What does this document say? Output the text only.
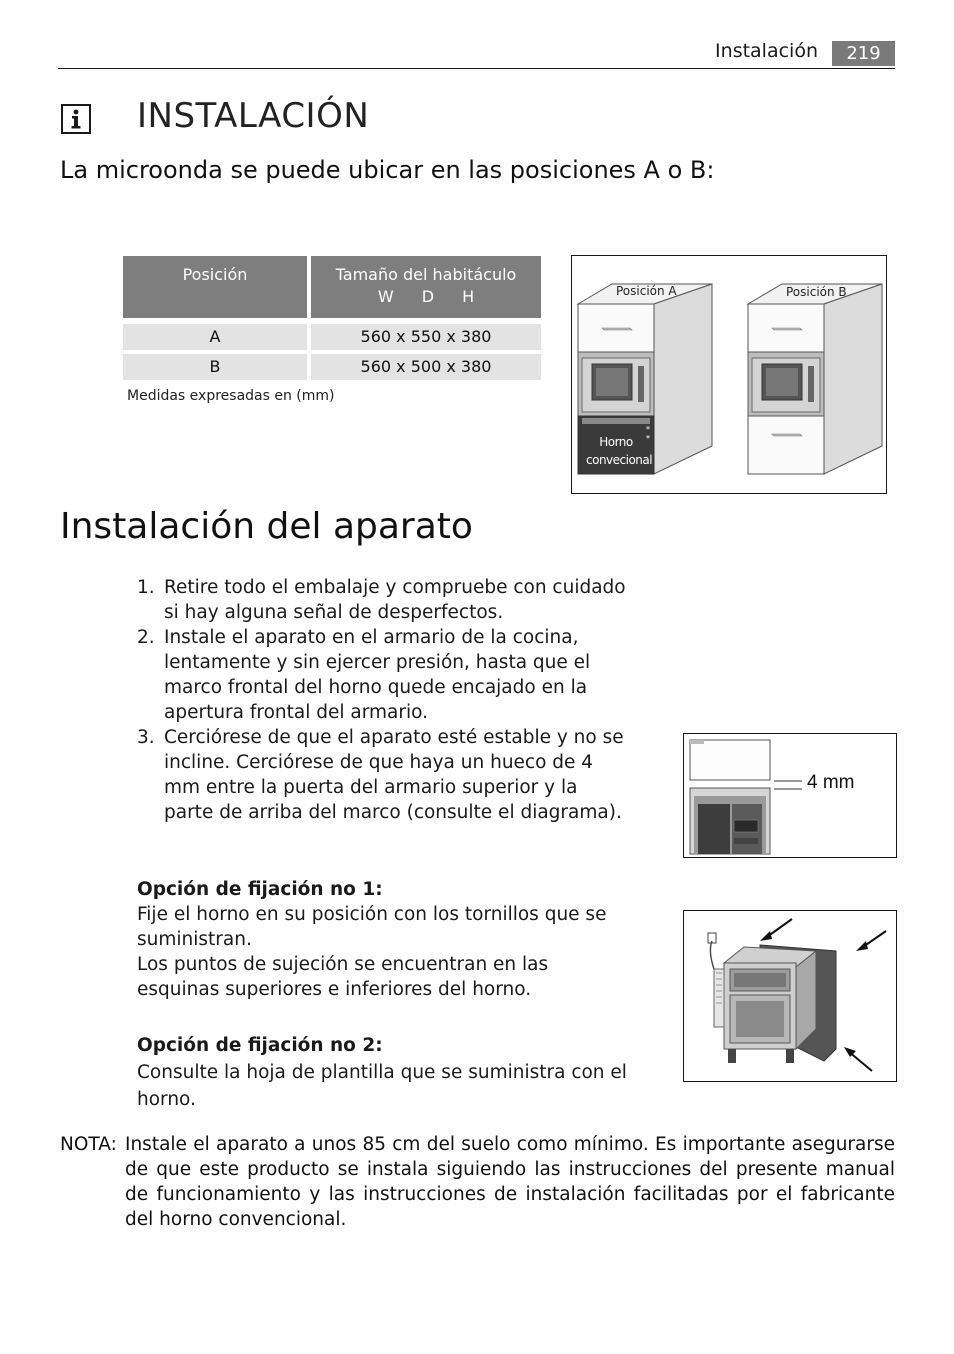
Instalación	219
INSTALACIÓN
La microonda se puede ubicar en las posiciones A o B:
Posición	Tamaño del habitáculo
W D H
A	560 x 550 x 380
B	560 x 500 x 380
Medidas expresadas en (mm)
*
*
Posición A	Posición B
Horno
convecional
Instalación del aparato
1. Retire todo el embalaje y compruebe con cuidado si hay alguna señal de desperfectos.
2. Instale el aparato en el armario de la cocina, lentamente y sin ejercer presión, hasta que el marco frontal del horno quede encajado en la apertura frontal del armario.
3. Cerciórese de que el aparato esté estable y no se incline. Cerciórese de que haya un hueco de 4 mm entre la puerta del armario superior y la parte de arriba del marco (consulte el diagrama).
4 mm
Opción de fijación no 1:
Fije el horno en su posición con los tornillos que se suministran.
Los puntos de sujeción se encuentran en las esquinas superiores e inferiores del horno.
Opción de fijación no 2:
Consulte la hoja de plantilla que se suministra con el horno.
NOTA: Instale el aparato a unos 85 cm del suelo como mínimo. Es importante asegurarse de que este producto se instala siguiendo las instrucciones del presente manual de funcionamiento y las instrucciones de instalación facilitadas por el fabricante del horno convencional.
